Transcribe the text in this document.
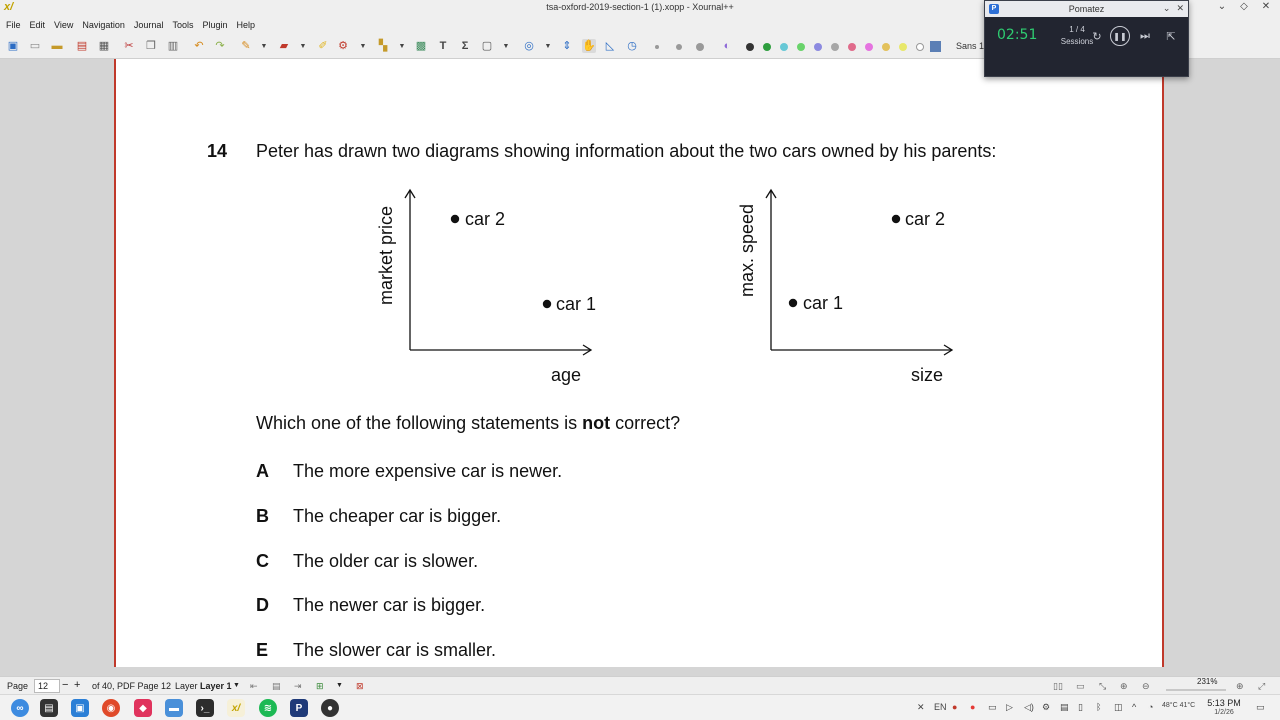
x/	tsa-oxford-2019-section-1 (1).xopp - Xournal++	⌄ ◇ ✕
File	Edit	View	Navigation	Journal	Tools	Plugin	Help
▣ ▭ ▬ ▤ ▦ ✂ ❐ ▥ ↶ ↷ ✎	▼	▰	▼	✐ ⚙	▼	▚	▼ ▩	T	Σ	▢	▼	◎	▼ ⇕ ✋ ◺ ◷	◐	Sans 1
14 Peter has drawn two diagrams showing information about the two cars owned by his parents:
market price	car 2
car 1
age
max. speed
car 1
car 2
size
Which one of the following statements is not correct?
A The more expensive car is newer.
B The cheaper car is bigger.
C The older car is slower.
D The newer car is bigger.
E The slower car is smaller.
P	Pomatez	⌄ ✕
02:51	1 / 4
Sessions ↻	❚❚ ⏭	⇱
Page	12	− + of 40, PDF Page 12 Layer Layer 1 ▼ ⇤ ▤ ⇥ ⊞ ▼ ⊠	▯▯ ▭ ⤡ ⊕ ⊖	231% ⊕ ⤢
∞	▤	▣	◉	◆	▬	›_	x/	≋	P	●	✕ EN ● ● ▭ ▷ ◁) ⚙ ▤ ▯ ᛒ ◫ ^ ◔ 48°C 41°C	5:13 PM
1/2/26
▭
